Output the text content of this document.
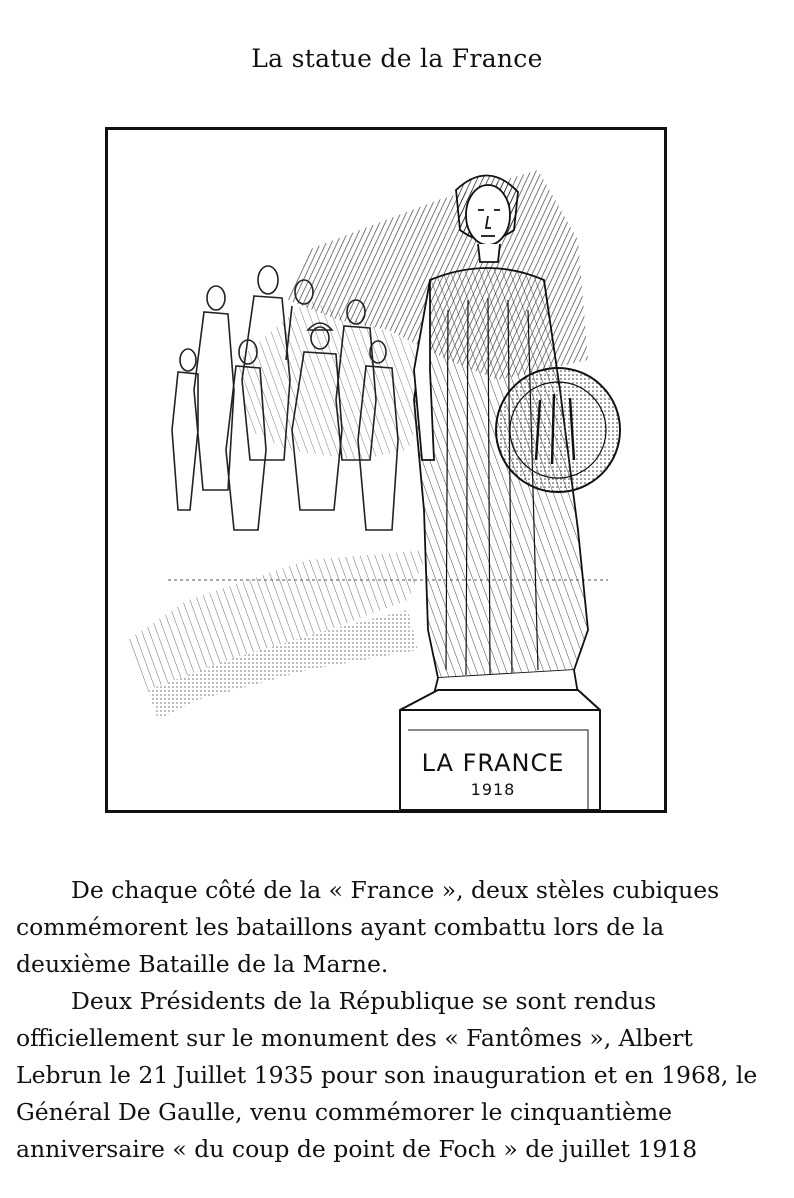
La statue de la France
LA FRANCE
1918

De chaque côté de la « France », deux stèles cubiques commémorent les bataillons ayant combattu lors de la deuxième Bataille de la Marne.

Deux Présidents de la République se sont rendus officiellement sur le monument des « Fantômes », Albert Lebrun le 21 Juillet 1935 pour son inauguration et en 1968, le Général De Gaulle, venu commémorer le cinquantième anniversaire « du coup de point de Foch » de juillet 1918
